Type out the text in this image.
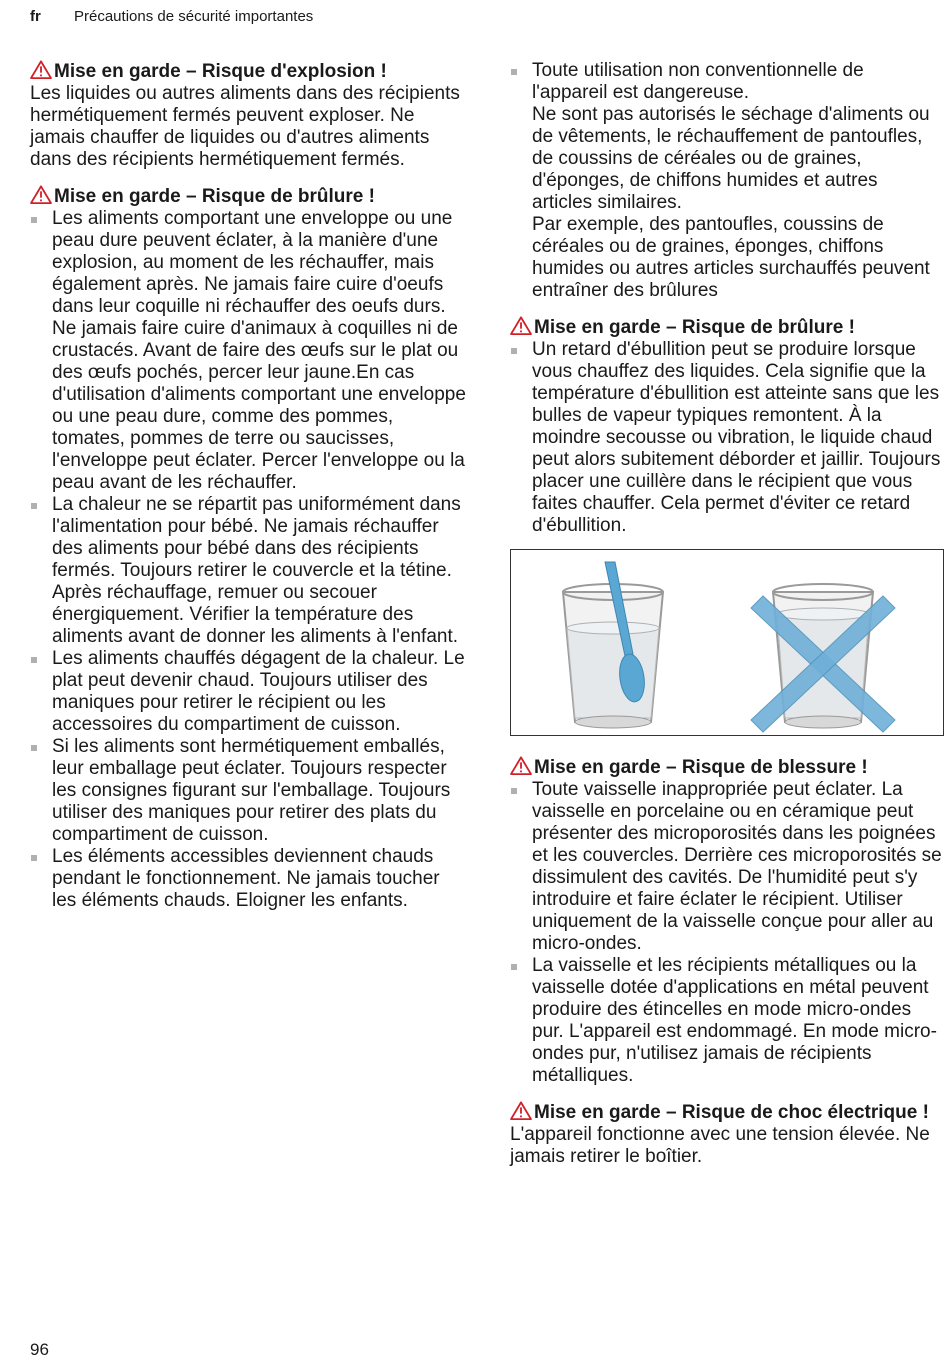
fr Précautions de sécurité importantes

Mise en garde – Risque d'explosion !

Les liquides ou autres aliments dans des récipients hermétiquement fermés peuvent exploser. Ne jamais chauffer de liquides ou d'autres aliments dans des récipients hermétiquement fermés.

Mise en garde – Risque de brûlure !

Les aliments comportant une enveloppe ou une peau dure peuvent éclater, à la manière d'une explosion, au moment de les réchauffer, mais également après. Ne jamais faire cuire d'oeufs dans leur coquille ni réchauffer des oeufs durs. Ne jamais faire cuire d'animaux à coquilles ni de crustacés. Avant de faire des œufs sur le plat ou des œufs pochés, percer leur jaune.En cas d'utilisation d'aliments comportant une enveloppe ou une peau dure, comme des pommes, tomates, pommes de terre ou saucisses, l'enveloppe peut éclater. Percer l'enveloppe ou la peau avant de les réchauffer.
La chaleur ne se répartit pas uniformément dans l'alimentation pour bébé. Ne jamais réchauffer des aliments pour bébé dans des récipients fermés. Toujours retirer le couvercle et la tétine. Après réchauffage, remuer ou secouer énergiquement. Vérifier la température des aliments avant de donner les aliments à l'enfant.
Les aliments chauffés dégagent de la chaleur. Le plat peut devenir chaud. Toujours utiliser des maniques pour retirer le récipient ou les accessoires du compartiment de cuisson.
Si les aliments sont hermétiquement emballés, leur emballage peut éclater. Toujours respecter les consignes figurant sur l'emballage. Toujours utiliser des maniques pour retirer des plats du compartiment de cuisson.
Les éléments accessibles deviennent chauds pendant le fonctionnement. Ne jamais toucher les éléments chauds. Eloigner les enfants.
Toute utilisation non conventionnelle de l'appareil est dangereuse.
Ne sont pas autorisés le séchage d'aliments ou de vêtements, le réchauffement de pantoufles, de coussins de céréales ou de graines, d'éponges, de chiffons humides et autres articles similaires.
Par exemple, des pantoufles, coussins de céréales ou de graines, éponges, chiffons humides ou autres articles surchauffés peuvent entraîner des brûlures

Mise en garde – Risque de brûlure !

Un retard d'ébullition peut se produire lorsque vous chauffez des liquides. Cela signifie que la température d'ébullition est atteinte sans que les bulles de vapeur typiques remontent. À la moindre secousse ou vibration, le liquide chaud peut alors subitement déborder et jaillir. Toujours placer une cuillère dans le récipient que vous faites chauffer. Cela permet d'éviter ce retard d'ébullition.

Mise en garde – Risque de blessure !

Toute vaisselle inappropriée peut éclater. La vaisselle en porcelaine ou en céramique peut présenter des microporosités dans les poignées et les couvercles. Derrière ces microporosités se dissimulent des cavités. De l'humidité peut s'y introduire et faire éclater le récipient. Utiliser uniquement de la vaisselle conçue pour aller au micro-ondes.
La vaisselle et les récipients métalliques ou la vaisselle dotée d'applications en métal peuvent produire des étincelles en mode micro-ondes pur. L'appareil est endommagé. En mode micro-ondes pur, n'utilisez jamais de récipients métalliques.

Mise en garde – Risque de choc électrique !

L'appareil fonctionne avec une tension élevée. Ne jamais retirer le boîtier.

96
